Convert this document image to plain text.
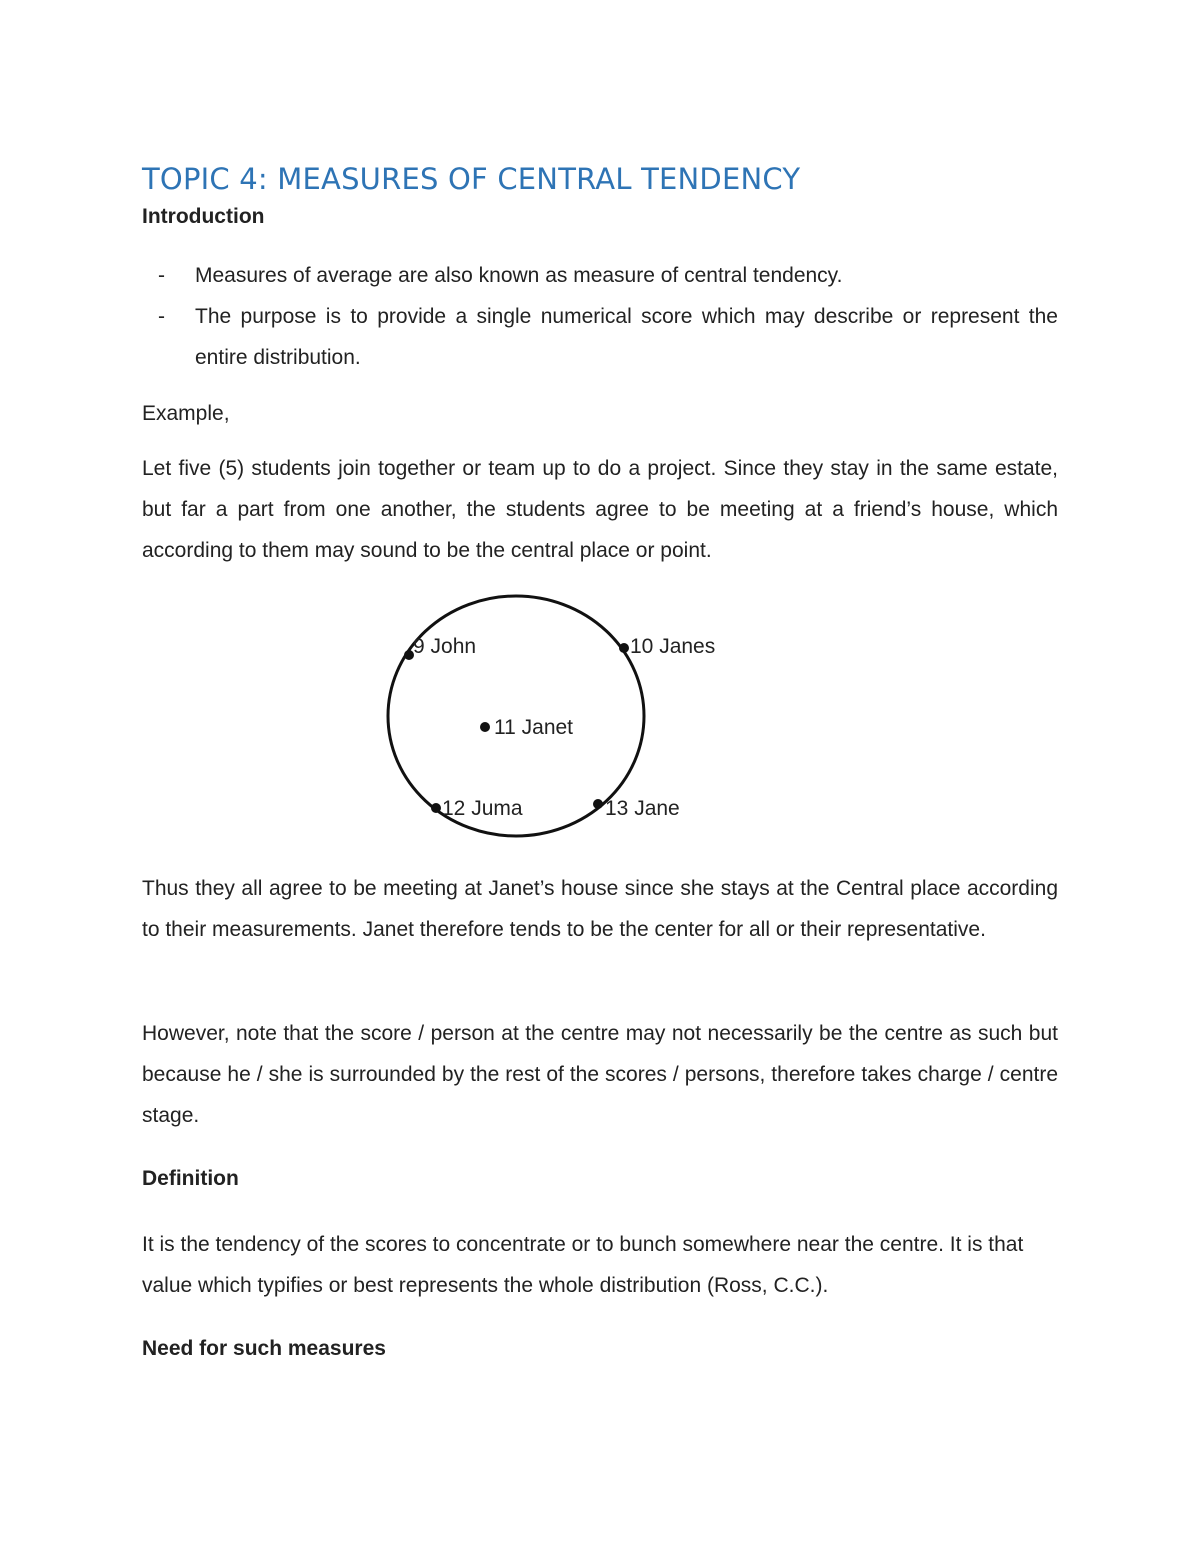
TOPIC 4: MEASURES OF CENTRAL TENDENCY
Introduction
- Measures of average are also known as measure of central tendency.
- The purpose is to provide a single numerical score which may describe or represent the entire distribution.

Example,

Let five (5) students join together or team up to do a project. Since they stay in the same estate, but far a part from one another, the students agree to be meeting at a friend’s house, which according to them may sound to be the central place or point.

Thus they all agree to be meeting at Janet’s house since she stays at the Central place according to their measurements. Janet therefore tends to be the center for all or their representative.

However, note that the score / person at the centre may not necessarily be the centre as such but because he / she is surrounded by the rest of the scores / persons, therefore takes charge / centre stage.

Definition

It is the tendency of the scores to concentrate or to bunch somewhere near the centre. It is that value which typifies or best represents the whole distribution (Ross, C.C.).

Need for such measures
9 John	10 Janes
11 Janet
12 Juma	13 Jane
